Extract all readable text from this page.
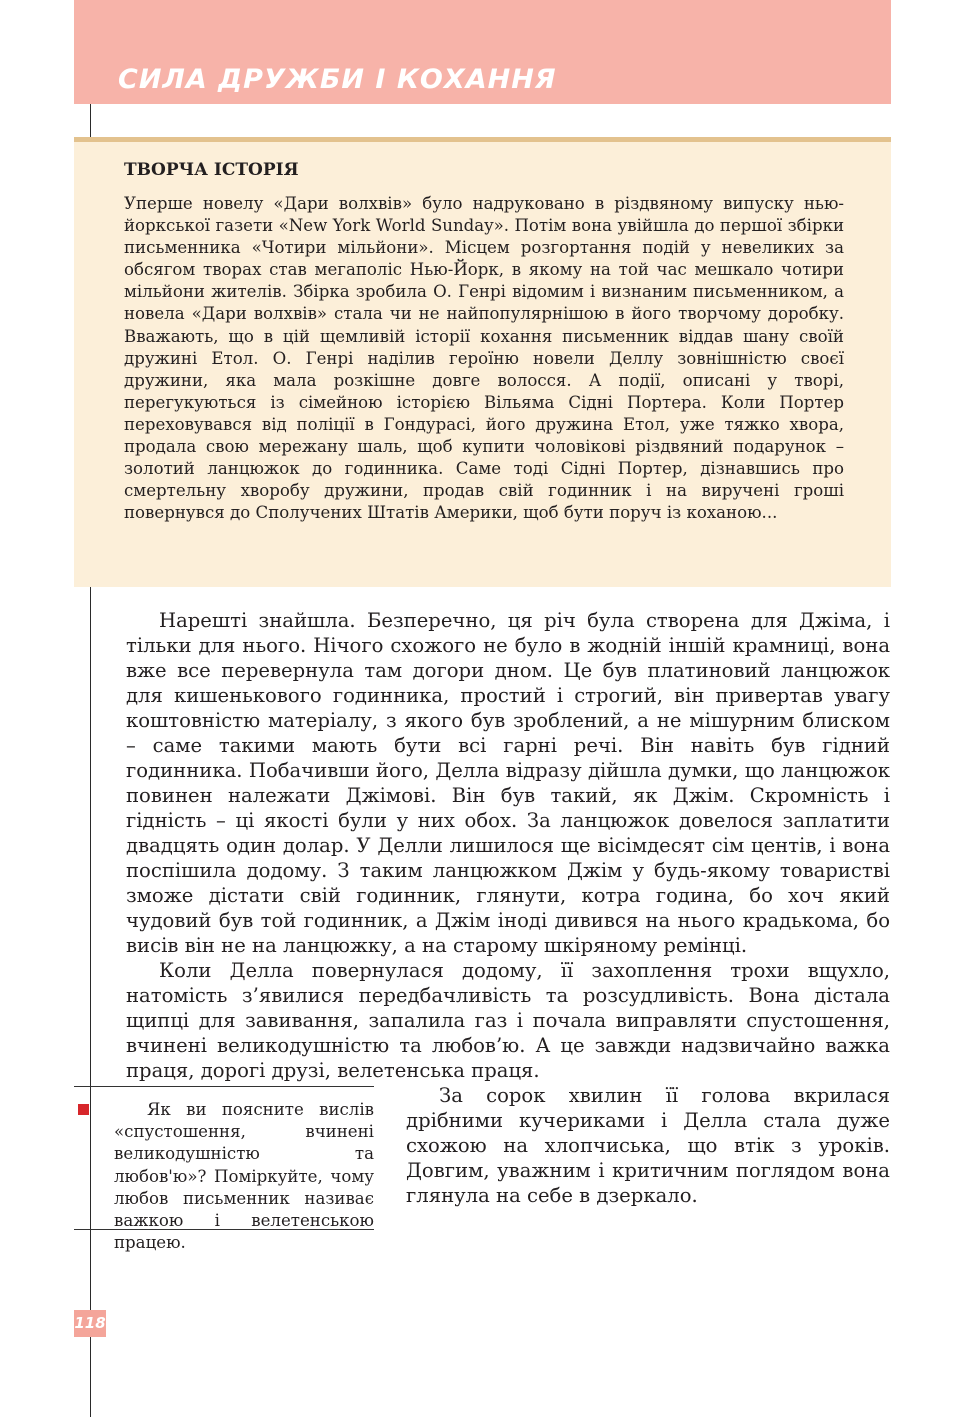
СИЛА ДРУЖБИ І КОХАННЯ
ТВОРЧА ІСТОРІЯ

Уперше новелу «Дари волхвів» було надруковано в різдвяному випуску нью-йоркської газети «New York World Sunday». Потім вона увійшла до першої збірки письменника «Чотири мільйони». Місцем розгортання подій у невеликих за обсягом творах став мегаполіс Нью-Йорк, в якому на той час мешкало чотири мільйони жителів. Збірка зробила О. Генрі відомим і визнаним письменником, а новела «Дари волхвів» стала чи не найпопулярнішою в його творчому доробку. Вважають, що в цій щемливій історії кохання письменник віддав шану своїй дружині Етол. О. Генрі наділив героїню новели Деллу зовнішністю своєї дружини, яка мала розкішне довге волосся. А події, описані у творі, перегукуються із сімейною історією Вільяма Сідні Портера. Коли Портер переховувався від поліції в Гондурасі, його дружина Етол, уже тяжко хвора, продала свою мережану шаль, щоб купити чоловікові різдвяний подарунок – золотий ланцюжок до годинника. Саме тоді Сідні Портер, дізнавшись про смертельну хворобу дружини, продав свій годинник і на виручені гроші повернувся до Сполучених Штатів Америки, щоб бути поруч із коханою...

Нарешті знайшла. Безперечно, ця річ була створена для Джіма, і тільки для нього. Нічого схожого не було в жодній іншій крамниці, вона вже все перевернула там догори дном. Це був платиновий ланцюжок для кишенькового годинника, простий і строгий, він привертав увагу коштовністю матеріалу, з якого був зроблений, а не мішурним блиском – саме такими мають бути всі гарні речі. Він навіть був гідний годинника. Побачивши його, Делла відразу дійшла думки, що ланцюжок повинен належати Джімові. Він був такий, як Джім. Скромність і гідність – ці якості були у них обох. За ланцюжок довелося заплатити двадцять один долар. У Делли лишилося ще вісімдесят сім центів, і вона поспішила додому. З таким ланцюжком Джім у будь-якому товаристві зможе дістати свій годинник, глянути, котра година, бо хоч який чудовий був той годинник, а Джім іноді дивився на нього крадькома, бо висів він не на ланцюжку, а на старому шкіряному ремінці.

Коли Делла повернулася додому, її захоплення трохи вщухло, натомість з’явилися передбачливість та розсудливість. Вона дістала щипці для завивання, запалила газ і почала виправляти спустошення, вчинені великодушністю та любов’ю. А це завжди надзвичайно важка праця, дорогі друзі, велетенська праця.

Як ви поясните вислів «спустошення, вчинені великодушністю та любов'ю»? Поміркуйте, чому любов письменник називає важкою і велетенською працею.

За сорок хвилин її голова вкрилася дрібними кучериками і Делла стала дуже схожою на хлопчиська, що втік з уроків. Довгим, уважним і критичним поглядом вона глянула на себе в дзеркало.

118
